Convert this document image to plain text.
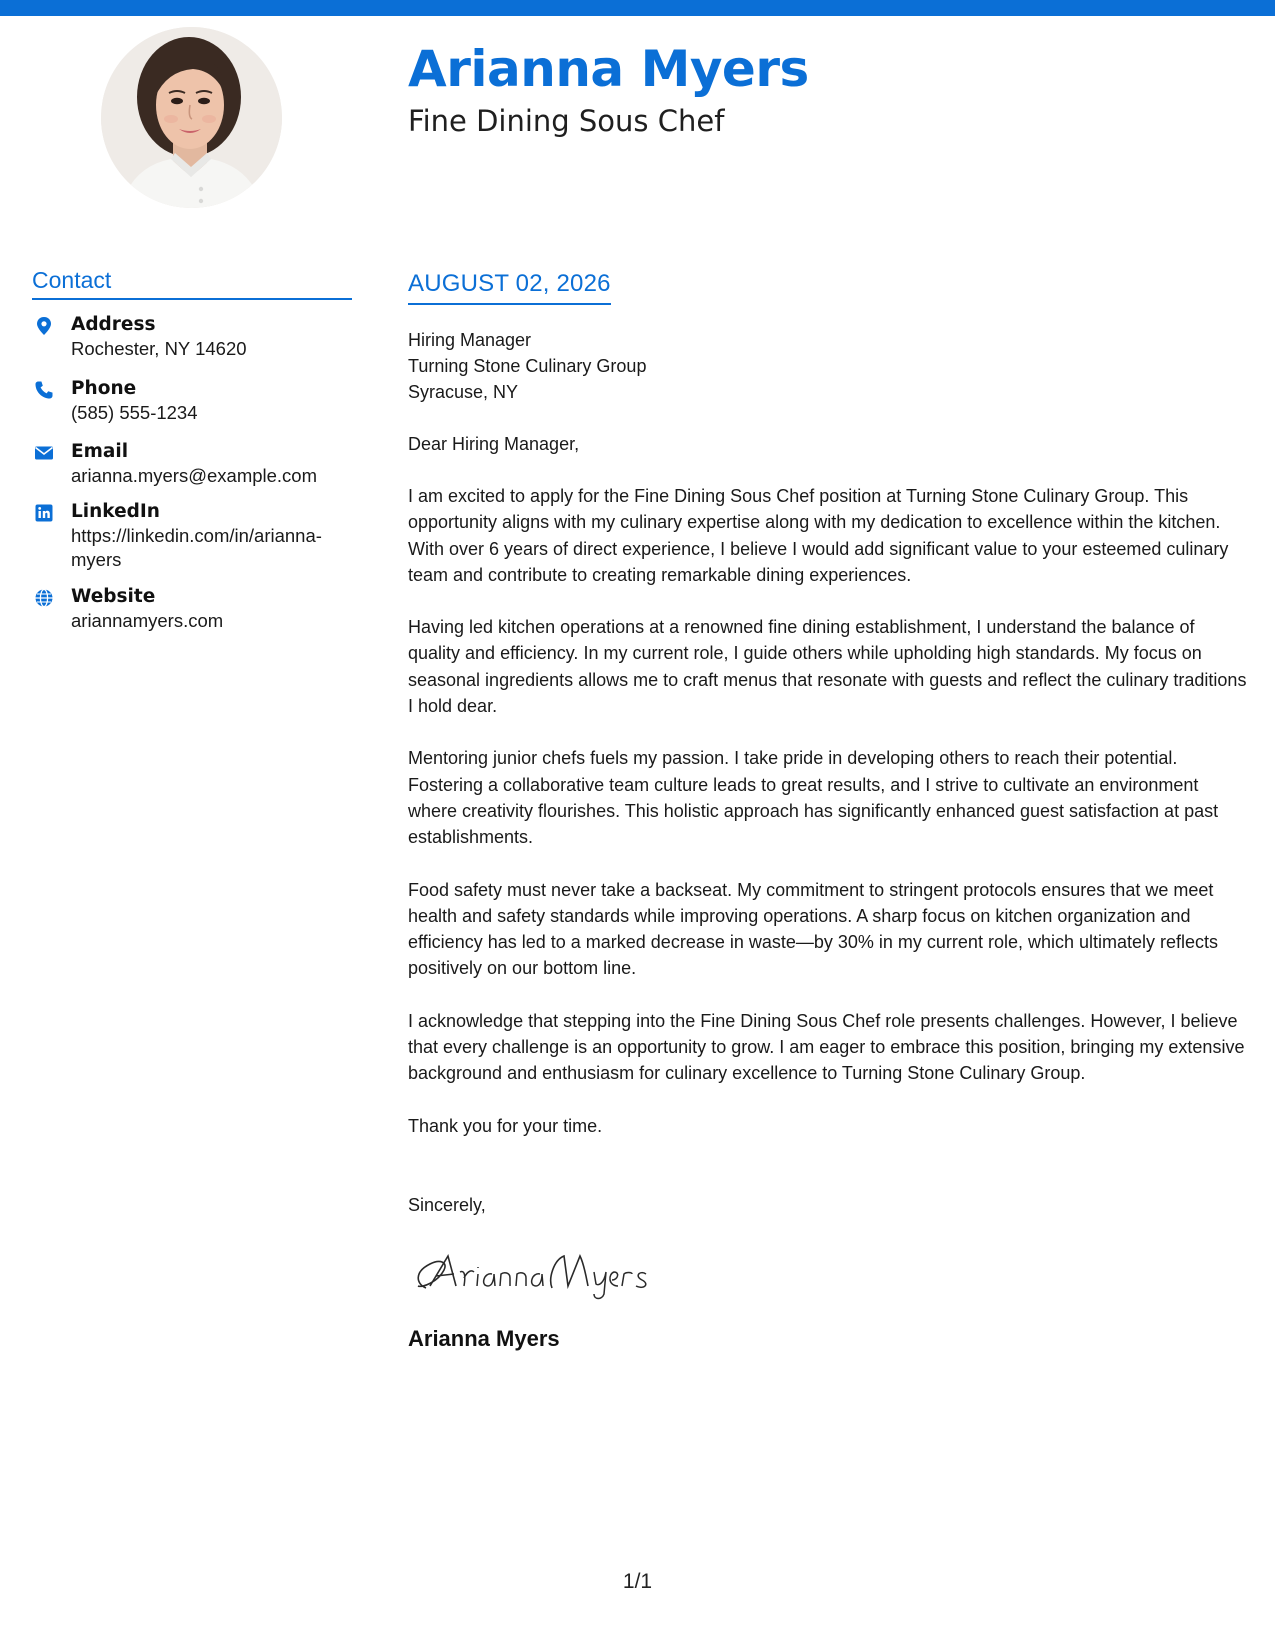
Arianna Myers
Fine Dining Sous Chef
Contact
Address
Rochester, NY 14620
Phone
(585) 555-1234
Email
arianna.myers@example.com
LinkedIn
https://linkedin.com/in/arianna-myers
Website
ariannamyers.com
AUGUST 02, 2026
Hiring Manager
Turning Stone Culinary Group
Syracuse, NY
Dear Hiring Manager,

I am excited to apply for the Fine Dining Sous Chef position at Turning Stone Culinary Group. This opportunity aligns with my culinary expertise along with my dedication to excellence within the kitchen. With over 6 years of direct experience, I believe I would add significant value to your esteemed culinary team and contribute to creating remarkable dining experiences.

Having led kitchen operations at a renowned fine dining establishment, I understand the balance of quality and efficiency. In my current role, I guide others while upholding high standards. My focus on seasonal ingredients allows me to craft menus that resonate with guests and reflect the culinary traditions I hold dear.

Mentoring junior chefs fuels my passion. I take pride in developing others to reach their potential. Fostering a collaborative team culture leads to great results, and I strive to cultivate an environment where creativity flourishes. This holistic approach has significantly enhanced guest satisfaction at past establishments.

Food safety must never take a backseat. My commitment to stringent protocols ensures that we meet health and safety standards while improving operations. A sharp focus on kitchen organization and efficiency has led to a marked decrease in waste—by 30% in my current role, which ultimately reflects positively on our bottom line.

I acknowledge that stepping into the Fine Dining Sous Chef role presents challenges. However, I believe that every challenge is an opportunity to grow. I am eager to embrace this position, bringing my extensive background and enthusiasm for culinary excellence to Turning Stone Culinary Group.

Thank you for your time.

Sincerely,
Arianna Myers
1/1
